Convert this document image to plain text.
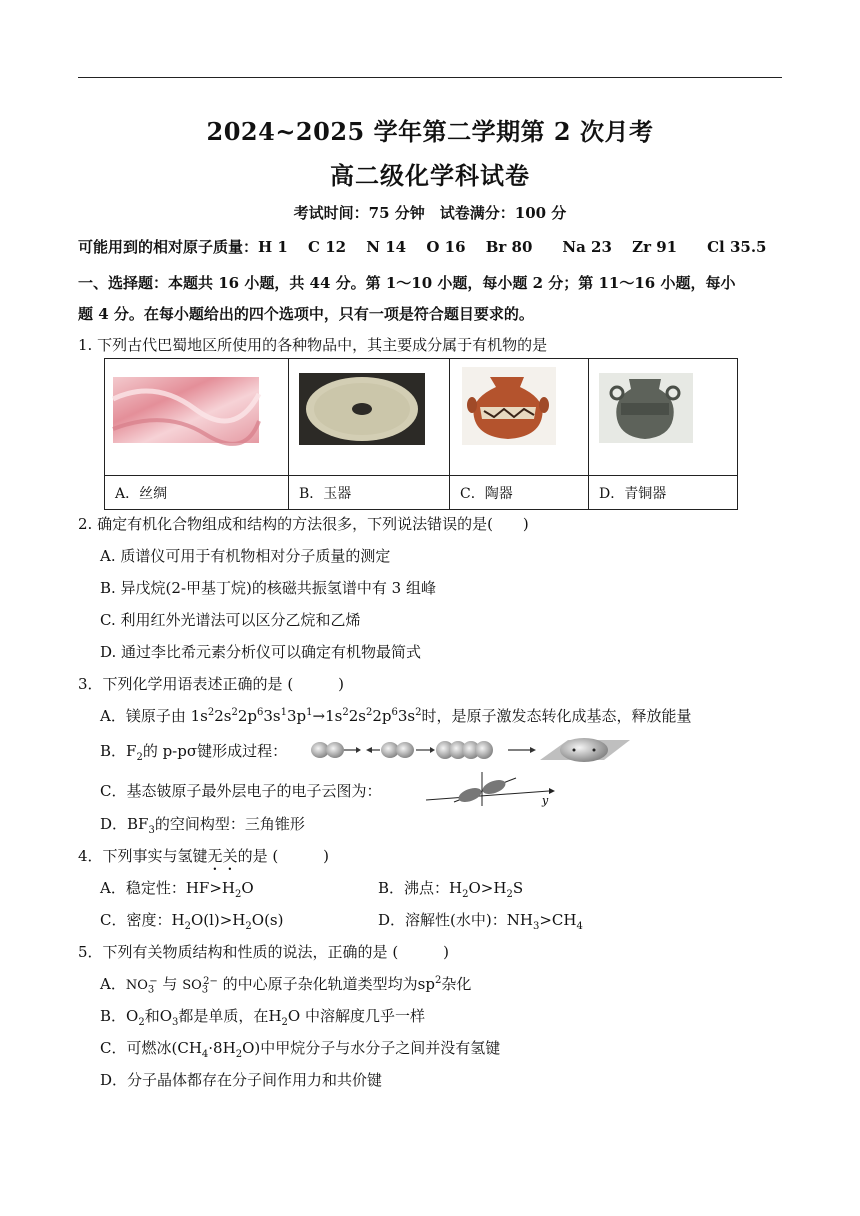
2024~2025 学年第二学期第 2 次月考
高二级化学科试卷
考试时间：75 分钟　试卷满分：100 分
可能用到的相对原子质量：H 1　 C 12　 N 14　 O 16　 Br 80　　Na 23　 Zr 91　　Cl 35.5
一、选择题：本题共 16 小题，共 44 分。第 1～10 小题，每小题 2 分；第 11～16 小题，每小
题 4 分。在每小题给出的四个选项中，只有一项是符合题目要求的。
1. 下列古代巴蜀地区所使用的各种物品中，其主要成分属于有机物的是

A．丝绸	B．玉器	C．陶器	D．青铜器
2. 确定有机化合物组成和结构的方法很多，下列说法错误的是(　　)
A. 质谱仪可用于有机物相对分子质量的测定
B. 异戊烷(2-甲基丁烷)的核磁共振氢谱中有 3 组峰
C. 利用红外光谱法可以区分乙烷和乙烯
D. 通过李比希元素分析仪可以确定有机物最简式
3．下列化学用语表述正确的是 (　　　)
A．镁原子由 $1s^22s^22p^63s^13p^1\to 1s^22s^22p^63s^2$时，是原子激发态转化成基态，释放能量
B．$F_2$的 p-pσ键形成过程：
C．基态铍原子最外层电子的电子云图为：
y
D．$BF_3$的空间构型：三角锥形
4．下列事实与氢键无关的是 (　　　)
A．稳定性：$HF>H_2O$	B．沸点：$H_2O>H_2S$
C．密度：$H_2O(l)>H_2O(s)$	D．溶解性(水中)：$NH_3>CH_4$
5．下列有关物质结构和性质的说法，正确的是 (　　　)
A．$NO_3^-$ 与 $SO_3^{2-}$ 的中心原子杂化轨道类型均为$sp^2$杂化
B．$O_2$和$O_3$都是单质，在$H_2O$ 中溶解度几乎一样
C．可燃冰$(CH_4\cdot 8H_2O)$中甲烷分子与水分子之间并没有氢键
D．分子晶体都存在分子间作用力和共价键
